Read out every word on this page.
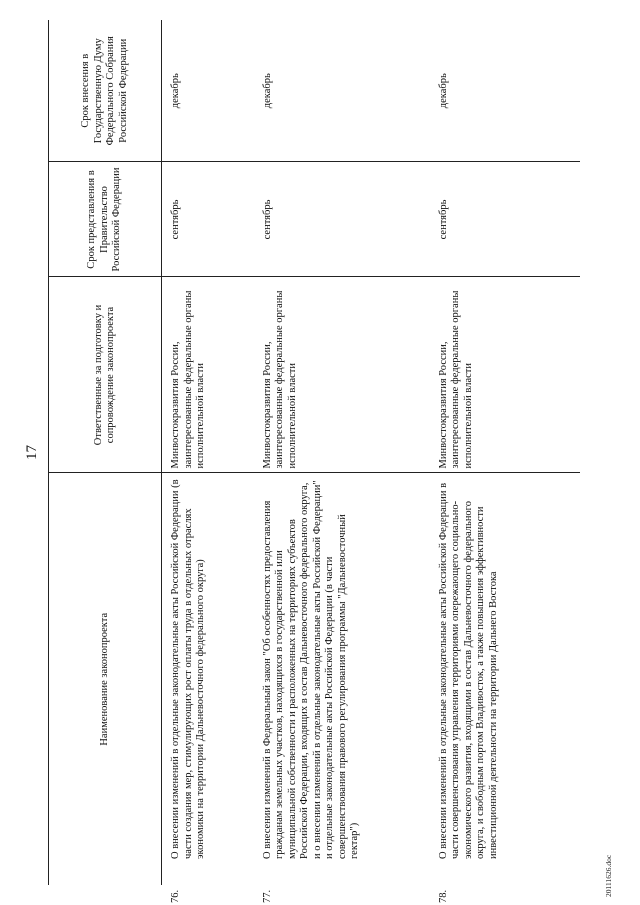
17
Наименование законопроекта	Ответственные за подготовку и сопровождение законопроекта	Срок представления в Правительство Российской Федерации	Срок внесения в Государственную Думу Федерального Собрания Российской Федерации

76.О внесении изменений в отдельные законодательные акты Российской Федерации (в части создания мер, стимулирующих рост оплаты труда в отдельных отраслях экономики на территории Дальневосточного федерального округа)	Минвостокразвития России, заинтересованные федеральные органы исполнительной власти	сентябрь	декабрь

77.О внесении изменений в Федеральный закон "Об особенностях предоставления гражданам земельных участков, находящихся в государственной или муниципальной собственности и расположенных на территориях субъектов Российской Федерации, входящих в состав Дальневосточного федерального округа, и о внесении изменений в отдельные законодательные акты Российской Федерации" и отдельные законодательные акты Российской Федерации (в части совершенствования правового регулирования программы "Дальневосточный гектар")	Минвостокразвития России, заинтересованные федеральные органы исполнительной власти	сентябрь	декабрь

78.О внесении изменений в отдельные законодательные акты Российской Федерации в части совершенствования управления территориями опережающего социально-экономического развития, входящими в состав Дальневосточного федерального округа, и свободным портом Владивосток, а также повышения эффективности инвестиционной деятельности на территории Дальнего Востока	Минвостокразвития России, заинтересованные федеральные органы исполнительной власти	сентябрь	декабрь
20111626.doc
